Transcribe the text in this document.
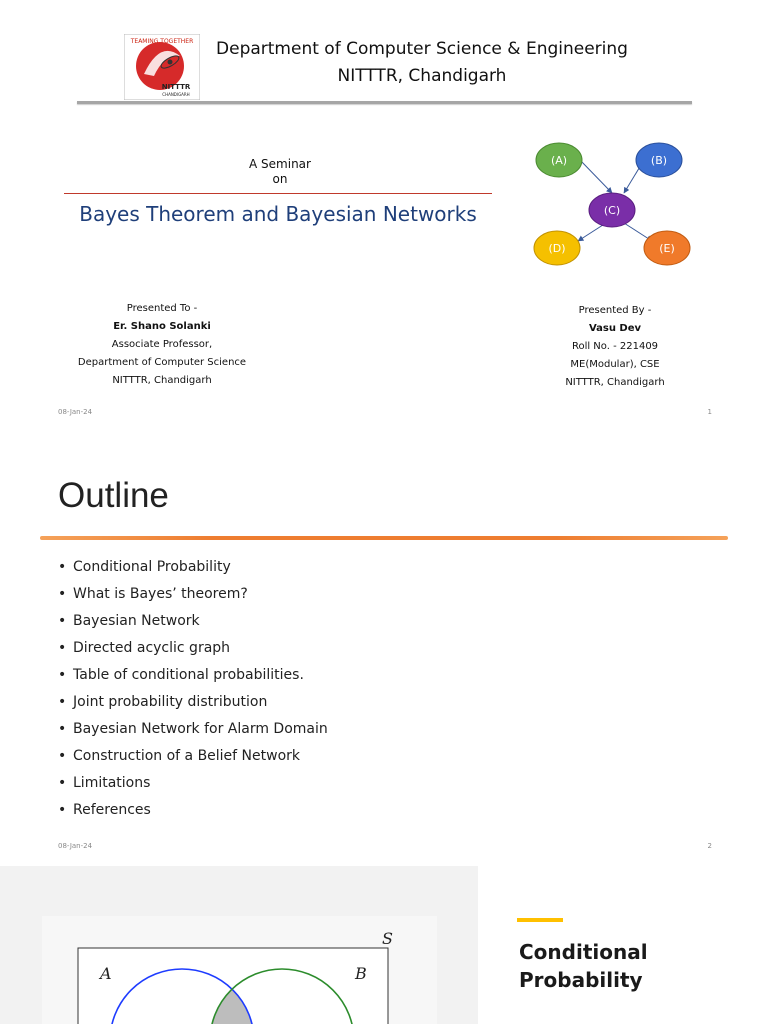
TEAMING TOGETHER
NITTTR
CHANDIGARH
Department of Computer Science & Engineering
NITTTR, Chandigarh
A Seminar
on
Bayes Theorem and Bayesian Networks
(A)	(B)
(C)
(D)	(E)
Presented To -
Er. Shano Solanki
Associate Professor,
Department of Computer Science
NITTTR, Chandigarh
Presented By -
Vasu Dev
Roll No. - 221409
ME(Modular), CSE
NITTTR, Chandigarh
08-Jan-24	1
Outline
• Conditional Probability
• What is Bayes’ theorem?
• Bayesian Network
• Directed acyclic graph
• Table of conditional probabilities.
• Joint probability distribution
• Bayesian Network for Alarm Domain
• Construction of a Belief Network
• Limitations
• References
08-Jan-24	2
S
A	B
Conditional
Probability
